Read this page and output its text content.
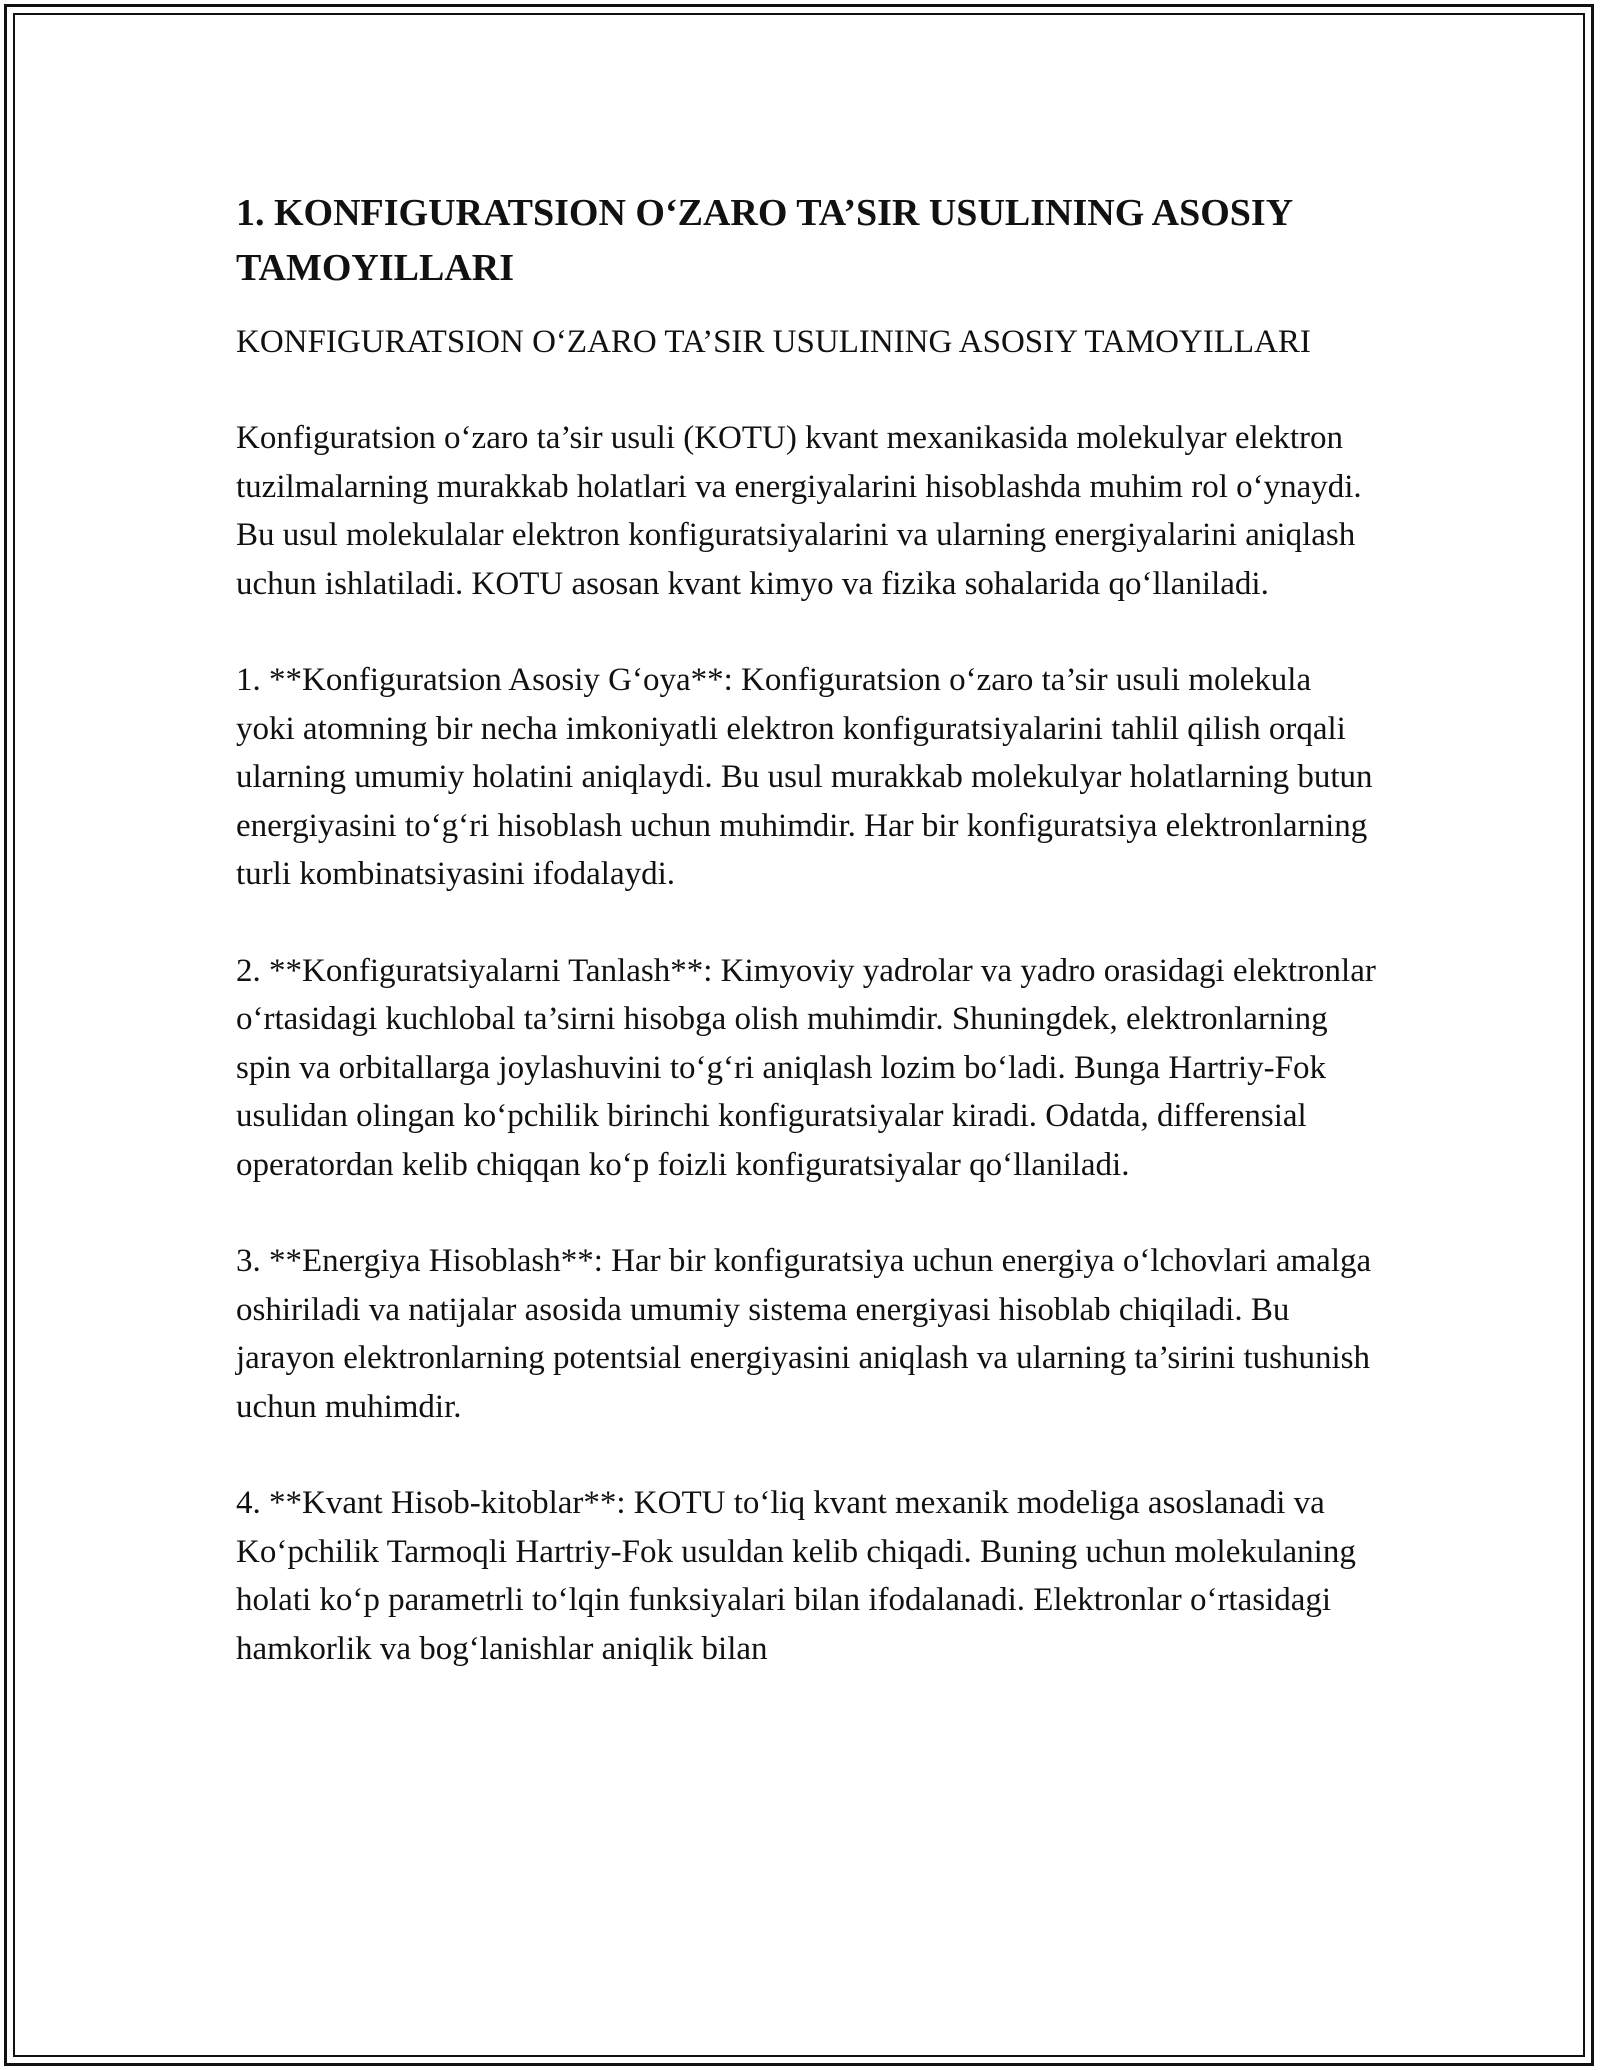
1. KONFIGURATSION O‘ZARO TA’SIR USULINING ASOSIY TAMOYILLARI

KONFIGURATSION O‘ZARO TA’SIR USULINING ASOSIY TAMOYILLARI

Konfiguratsion o‘zaro ta’sir usuli (KOTU) kvant mexanikasida molekulyar elektron tuzilmalarning murakkab holatlari va energiyalarini hisoblashda muhim rol o‘ynaydi. Bu usul molekulalar elektron konfiguratsiyalarini va ularning energiyalarini aniqlash uchun ishlatiladi. KOTU asosan kvant kimyo va fizika sohalarida qo‘llaniladi.

1. **Konfiguratsion Asosiy G‘oya**: Konfiguratsion o‘zaro ta’sir usuli molekula yoki atomning bir necha imkoniyatli elektron konfiguratsiyalarini tahlil qilish orqali ularning umumiy holatini aniqlaydi. Bu usul murakkab molekulyar holatlarning butun energiyasini to‘g‘ri hisoblash uchun muhimdir. Har bir konfiguratsiya elektronlarning turli kombinatsiyasini ifodalaydi.

2. **Konfiguratsiyalarni Tanlash**: Kimyoviy yadrolar va yadro orasidagi elektronlar o‘rtasidagi kuchlobal ta’sirni hisobga olish muhimdir. Shuningdek, elektronlarning spin va orbitallarga joylashuvini to‘g‘ri aniqlash lozim bo‘ladi. Bunga Hartriy-Fok usulidan olingan ko‘pchilik birinchi konfiguratsiyalar kiradi. Odatda, differensial operatordan kelib chiqqan ko‘p foizli konfiguratsiyalar qo‘llaniladi.

3. **Energiya Hisoblash**: Har bir konfiguratsiya uchun energiya o‘lchovlari amalga oshiriladi va natijalar asosida umumiy sistema energiyasi hisoblab chiqiladi. Bu jarayon elektronlarning potentsial energiyasini aniqlash va ularning ta’sirini tushunish uchun muhimdir.

4. **Kvant Hisob-kitoblar**: KOTU to‘liq kvant mexanik modeliga asoslanadi va Ko‘pchilik Tarmoqli Hartriy-Fok usuldan kelib chiqadi. Buning uchun molekulaning holati ko‘p parametrli to‘lqin funksiyalari bilan ifodalanadi. Elektronlar o‘rtasidagi hamkorlik va bog‘lanishlar aniqlik bilan
